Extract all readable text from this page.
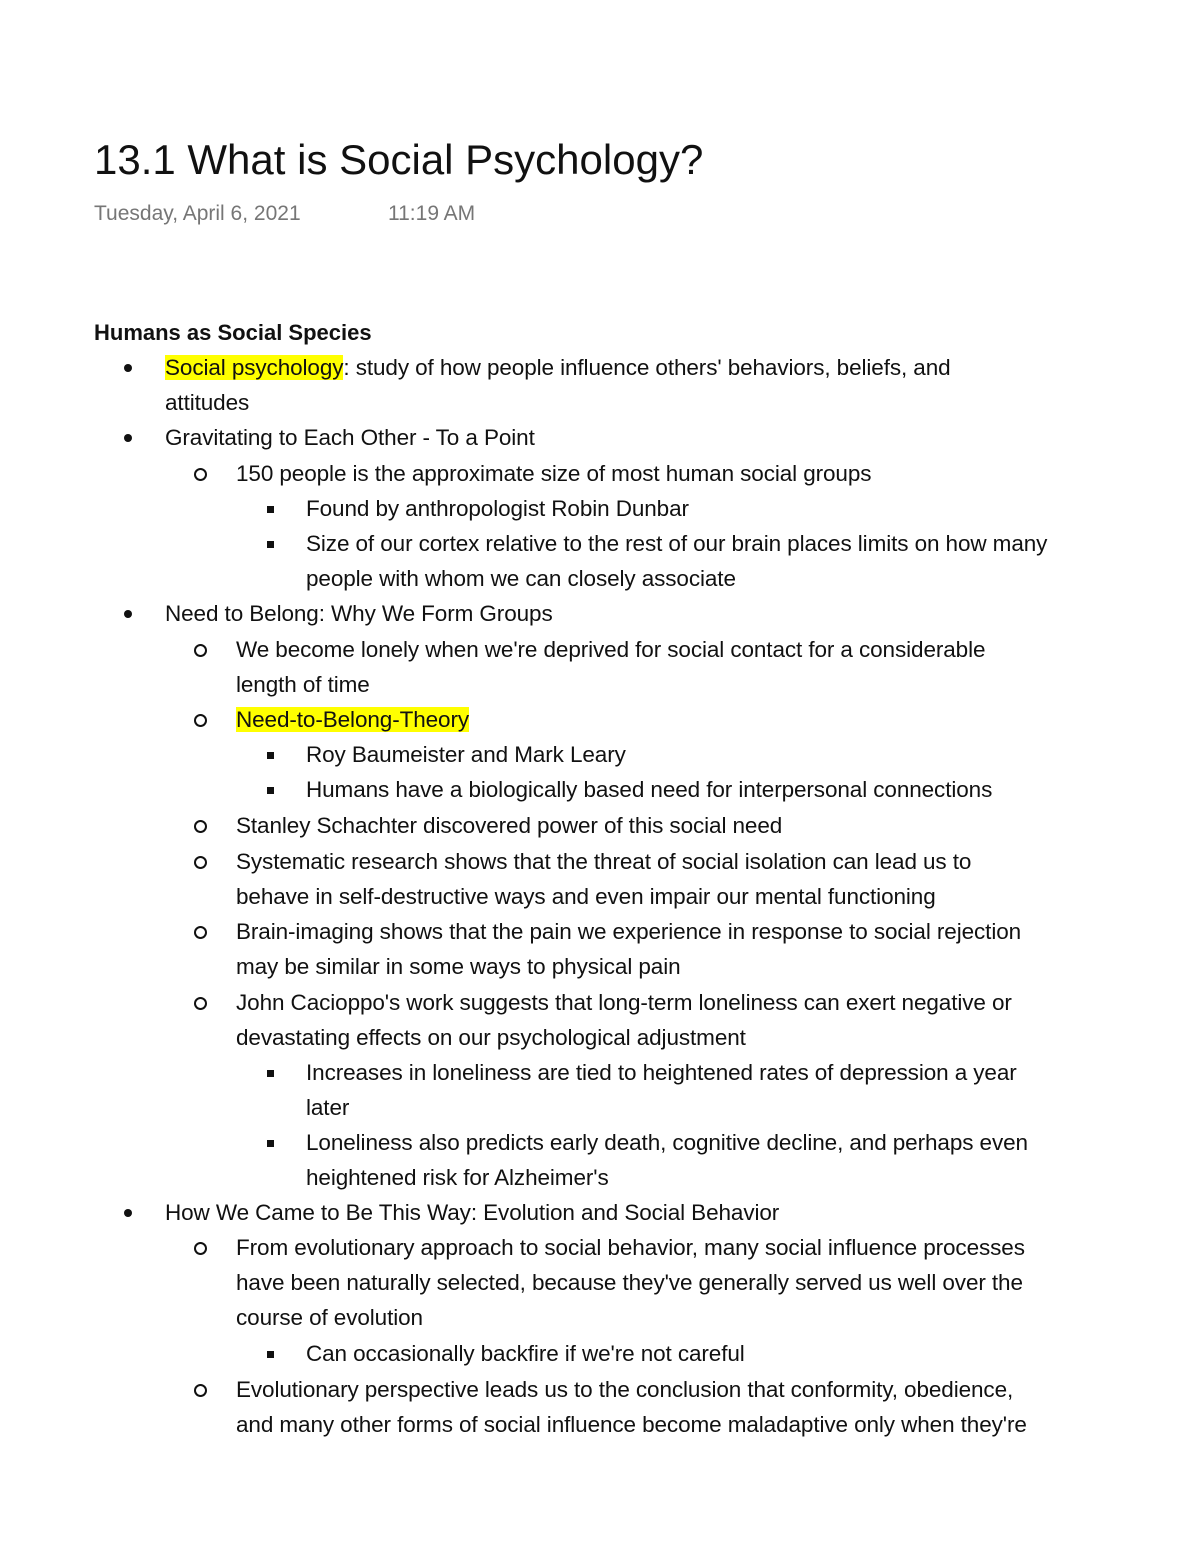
13.1 What is Social Psychology?
Tuesday, April 6, 2021	11:19 AM
Humans as Social Species
Social psychology: study of how people influence others' behaviors, beliefs, and
attitudes
Gravitating to Each Other - To a Point
150 people is the approximate size of most human social groups
Found by anthropologist Robin Dunbar
Size of our cortex relative to the rest of our brain places limits on how many
people with whom we can closely associate
Need to Belong: Why We Form Groups
We become lonely when we're deprived for social contact for a considerable
length of time
Need-to-Belong-Theory
Roy Baumeister and Mark Leary
Humans have a biologically based need for interpersonal connections
Stanley Schachter discovered power of this social need
Systematic research shows that the threat of social isolation can lead us to
behave in self-destructive ways and even impair our mental functioning
Brain-imaging shows that the pain we experience in response to social rejection
may be similar in some ways to physical pain
John Cacioppo's work suggests that long-term loneliness can exert negative or
devastating effects on our psychological adjustment
Increases in loneliness are tied to heightened rates of depression a year
later
Loneliness also predicts early death, cognitive decline, and perhaps even
heightened risk for Alzheimer's
How We Came to Be This Way: Evolution and Social Behavior
From evolutionary approach to social behavior, many social influence processes
have been naturally selected, because they've generally served us well over the
course of evolution
Can occasionally backfire if we're not careful
Evolutionary perspective leads us to the conclusion that conformity, obedience,
and many other forms of social influence become maladaptive only when they're
